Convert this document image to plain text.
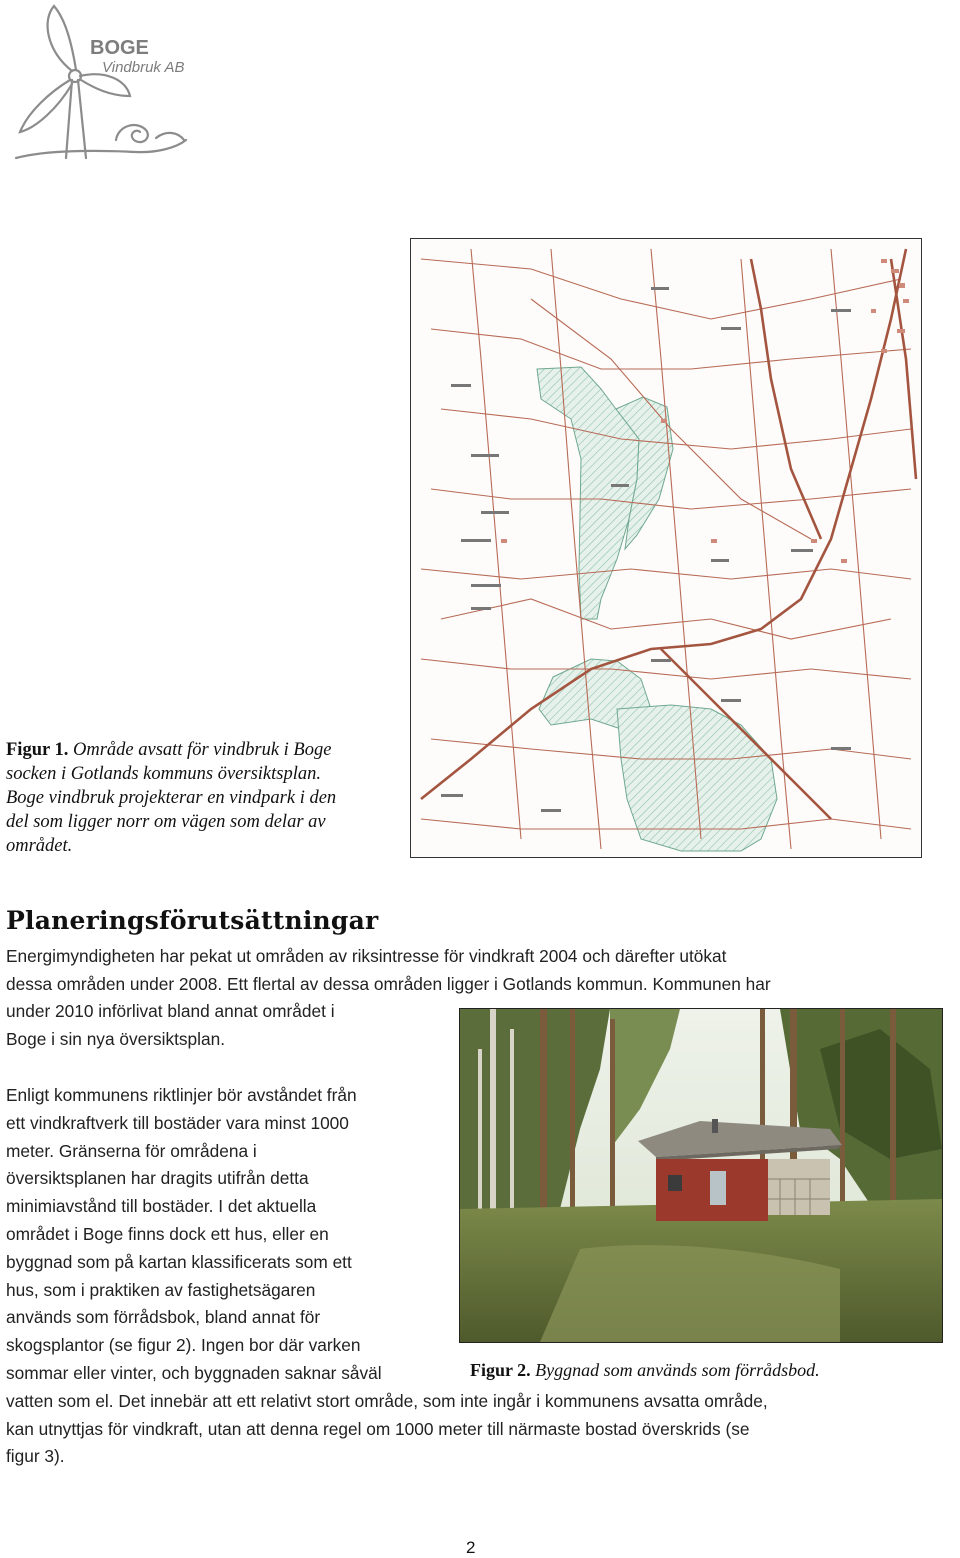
BOGE
Vindbruk AB
Figur 1. Område avsatt för vindbruk i Boge
socken i Gotlands kommuns översiktsplan.
Boge vindbruk projekterar en vindpark i den
del som ligger norr om vägen som delar av
området.
Planeringsförutsättningar
Energimyndigheten har pekat ut områden av riksintresse för vindkraft 2004 och därefter utökat
dessa områden under 2008. Ett flertal av dessa områden ligger i Gotlands kommun. Kommunen har
under 2010 införlivat bland annat området i
Boge i sin nya översiktsplan.
Enligt kommunens riktlinjer bör avståndet från
ett vindkraftverk till bostäder vara minst 1000
meter. Gränserna för områdena i
översiktsplanen har dragits utifrån detta
minimiavstånd till bostäder. I det aktuella
området i Boge finns dock ett hus, eller en
byggnad som på kartan klassificerats som ett
hus, som i praktiken av fastighetsägaren
används som förrådsbok, bland annat för
skogsplantor (se figur 2). Ingen bor där varken
Figur 2. Byggnad som används som förrådsbod.
sommar eller vinter, och byggnaden saknar såväl
vatten som el. Det innebär att ett relativt stort område, som inte ingår i kommunens avsatta område,
kan utnyttjas för vindkraft, utan att denna regel om 1000 meter till närmaste bostad överskrids (se
figur 3).
2
